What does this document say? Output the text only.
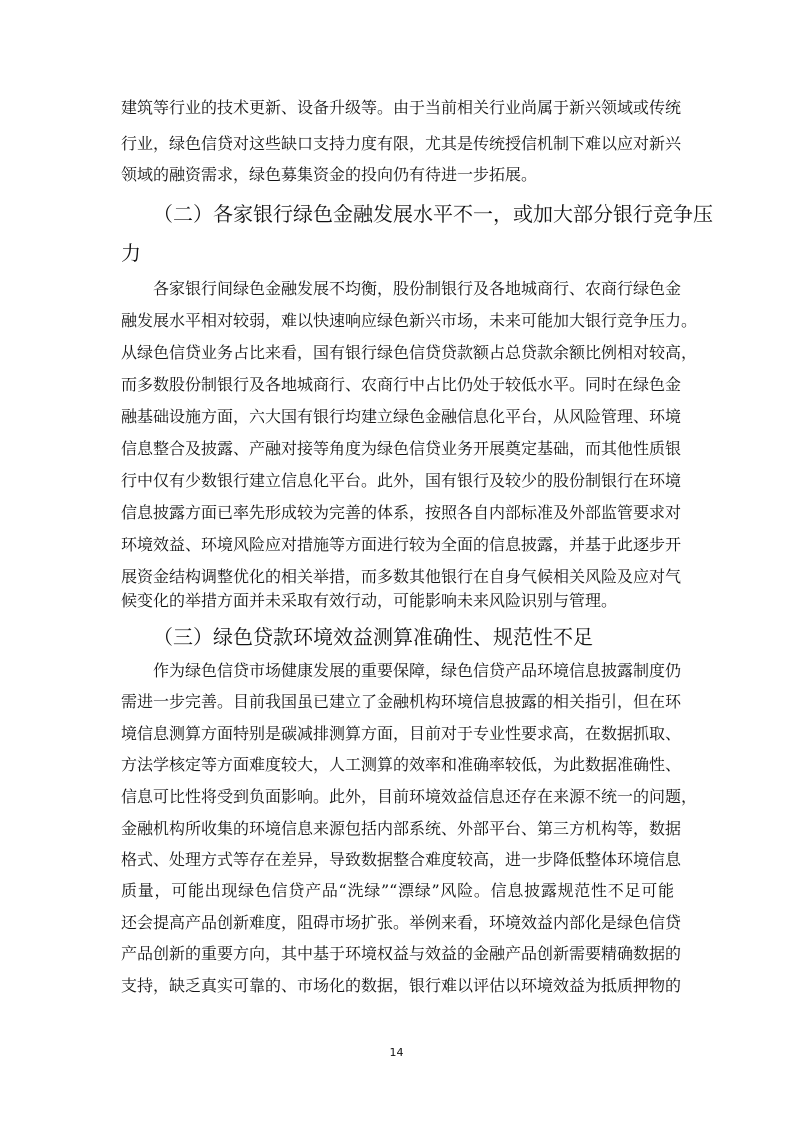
建筑等行业的技术更新、设备升级等。由于当前相关行业尚属于新兴领域或传统
行业，绿色信贷对这些缺口支持力度有限，尤其是传统授信机制下难以应对新兴
领域的融资需求，绿色募集资金的投向仍有待进一步拓展。
（二）各家银行绿色金融发展水平不一，或加大部分银行竞争压
力
各家银行间绿色金融发展不均衡，股份制银行及各地城商行、农商行绿色金
融发展水平相对较弱，难以快速响应绿色新兴市场，未来可能加大银行竞争压力。
从绿色信贷业务占比来看，国有银行绿色信贷贷款额占总贷款余额比例相对较高，
而多数股份制银行及各地城商行、农商行中占比仍处于较低水平。同时在绿色金
融基础设施方面，六大国有银行均建立绿色金融信息化平台，从风险管理、环境
信息整合及披露、产融对接等角度为绿色信贷业务开展奠定基础，而其他性质银
行中仅有少数银行建立信息化平台。此外，国有银行及较少的股份制银行在环境
信息披露方面已率先形成较为完善的体系，按照各自内部标准及外部监管要求对
环境效益、环境风险应对措施等方面进行较为全面的信息披露，并基于此逐步开
展资金结构调整优化的相关举措，而多数其他银行在自身气候相关风险及应对气
候变化的举措方面并未采取有效行动，可能影响未来风险识别与管理。
（三）绿色贷款环境效益测算准确性、规范性不足
作为绿色信贷市场健康发展的重要保障，绿色信贷产品环境信息披露制度仍
需进一步完善。目前我国虽已建立了金融机构环境信息披露的相关指引，但在环
境信息测算方面特别是碳减排测算方面，目前对于专业性要求高，在数据抓取、
方法学核定等方面难度较大，人工测算的效率和准确率较低，为此数据准确性、
信息可比性将受到负面影响。此外，目前环境效益信息还存在来源不统一的问题，
金融机构所收集的环境信息来源包括内部系统、外部平台、第三方机构等，数据
格式、处理方式等存在差异，导致数据整合难度较高，进一步降低整体环境信息
质量，可能出现绿色信贷产品“洗绿”“漂绿”风险。信息披露规范性不足可能
还会提高产品创新难度，阻碍市场扩张。举例来看，环境效益内部化是绿色信贷
产品创新的重要方向，其中基于环境权益与效益的金融产品创新需要精确数据的
支持，缺乏真实可靠的、市场化的数据，银行难以评估以环境效益为抵质押物的
14
